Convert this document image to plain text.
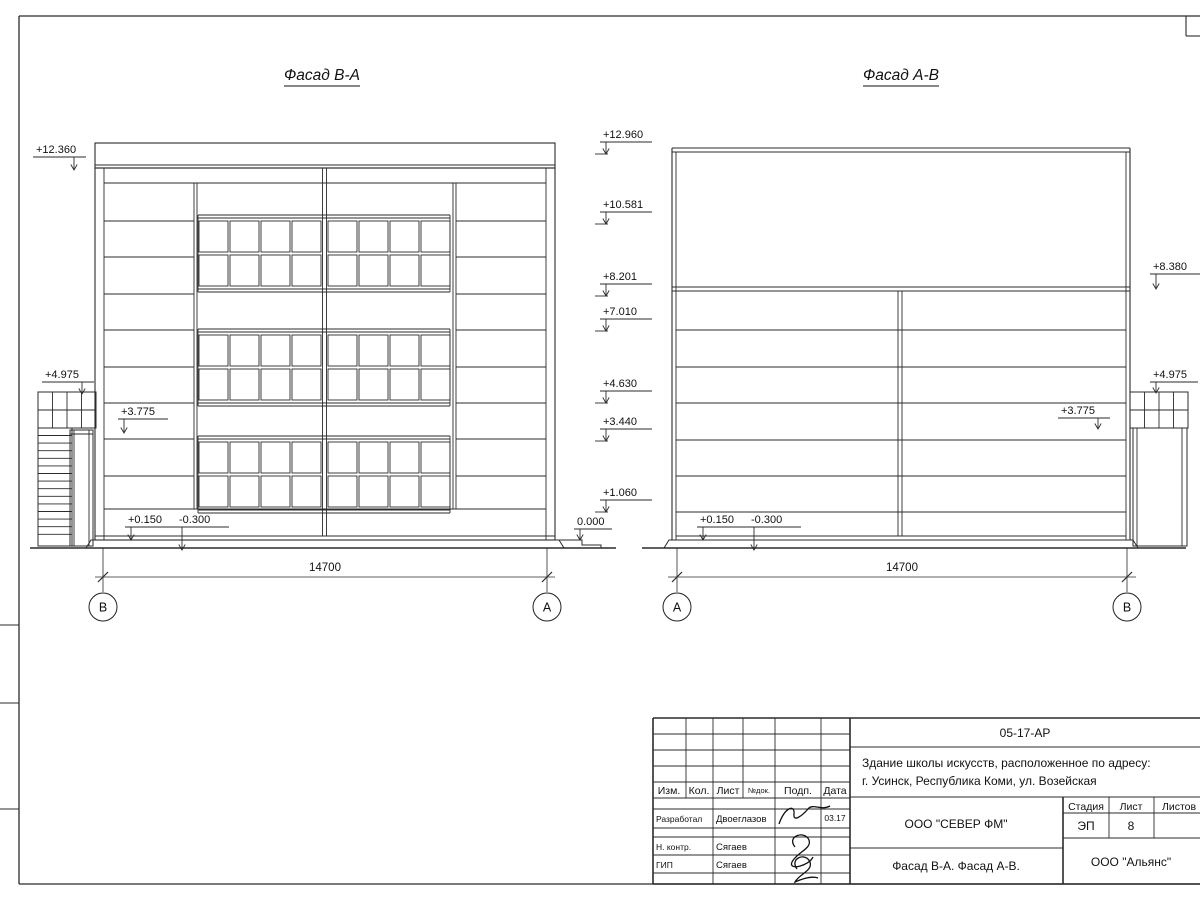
+12.360
+4.975
+3.775
+0.150 -0.300	0.000
+12.960
+10.581
+8.201
+7.010
+4.630
+3.440
+1.060
+8.380
+4.975
+3.775
+0.150 -0.300
Фасад В-А	Фасад А-В
14700	14700
В	А	А	В
05-17-АР
Здание школы искусств, расположенное по адресу:
г. Усинск, Республика Коми, ул. Возейская
Изм. Кол. Лист №док. Подп. Дата
Разработал Двоеглазов	03.17
Н. контр.	Сягаев
ГИП	Сягаев
ООО "СЕВЕР ФМ"
Стадия Лист Листов
ЭП	8
Фасад В-А. Фасад А-В.	ООО "Альянс"
